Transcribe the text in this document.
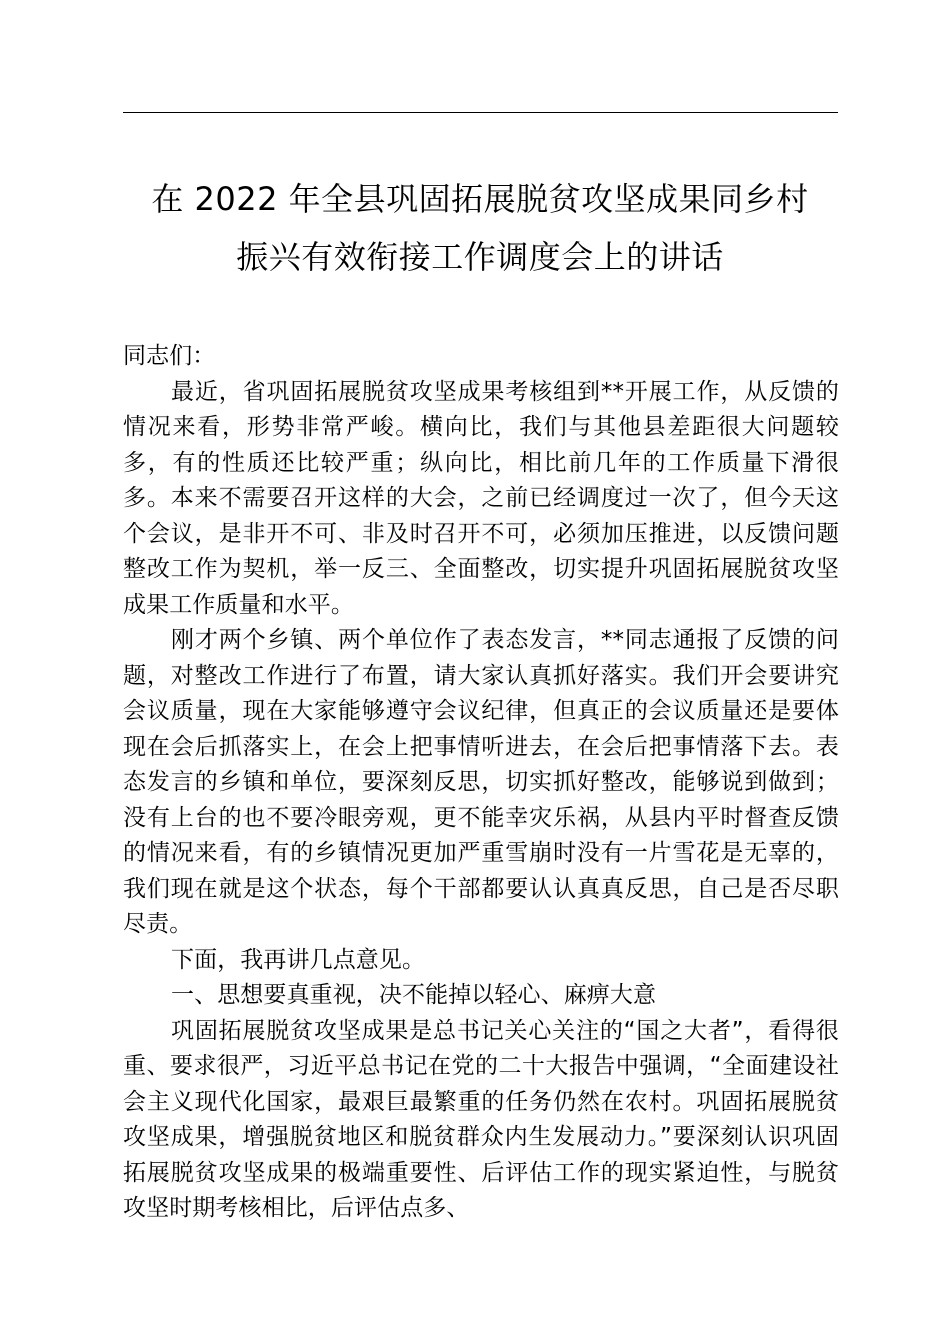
在 2022 年全县巩固拓展脱贫攻坚成果同乡村
振兴有效衔接工作调度会上的讲话

同志们：

最近，省巩固拓展脱贫攻坚成果考核组到**开展工作，从反馈的情况来看，形势非常严峻。横向比，我们与其他县差距很大问题较多，有的性质还比较严重；纵向比，相比前几年的工作质量下滑很多。本来不需要召开这样的大会，之前已经调度过一次了，但今天这个会议，是非开不可、非及时召开不可，必须加压推进，以反馈问题整改工作为契机，举一反三、全面整改，切实提升巩固拓展脱贫攻坚成果工作质量和水平。

刚才两个乡镇、两个单位作了表态发言，**同志通报了反馈的问题，对整改工作进行了布置，请大家认真抓好落实。我们开会要讲究会议质量，现在大家能够遵守会议纪律，但真正的会议质量还是要体现在会后抓落实上，在会上把事情听进去，在会后把事情落下去。表态发言的乡镇和单位，要深刻反思，切实抓好整改，能够说到做到；没有上台的也不要冷眼旁观，更不能幸灾乐祸，从县内平时督查反馈的情况来看，有的乡镇情况更加严重雪崩时没有一片雪花是无辜的，我们现在就是这个状态，每个干部都要认认真真反思，自己是否尽职尽责。

下面，我再讲几点意见。

一、思想要真重视，决不能掉以轻心、麻痹大意

巩固拓展脱贫攻坚成果是总书记关心关注的“国之大者”，看得很重、要求很严，习近平总书记在党的二十大报告中强调，“全面建设社会主义现代化国家，最艰巨最繁重的任务仍然在农村。巩固拓展脱贫攻坚成果，增强脱贫地区和脱贫群众内生发展动力。”要深刻认识巩固拓展脱贫攻坚成果的极端重要性、后评估工作的现实紧迫性，与脱贫攻坚时期考核相比，后评估点多、
